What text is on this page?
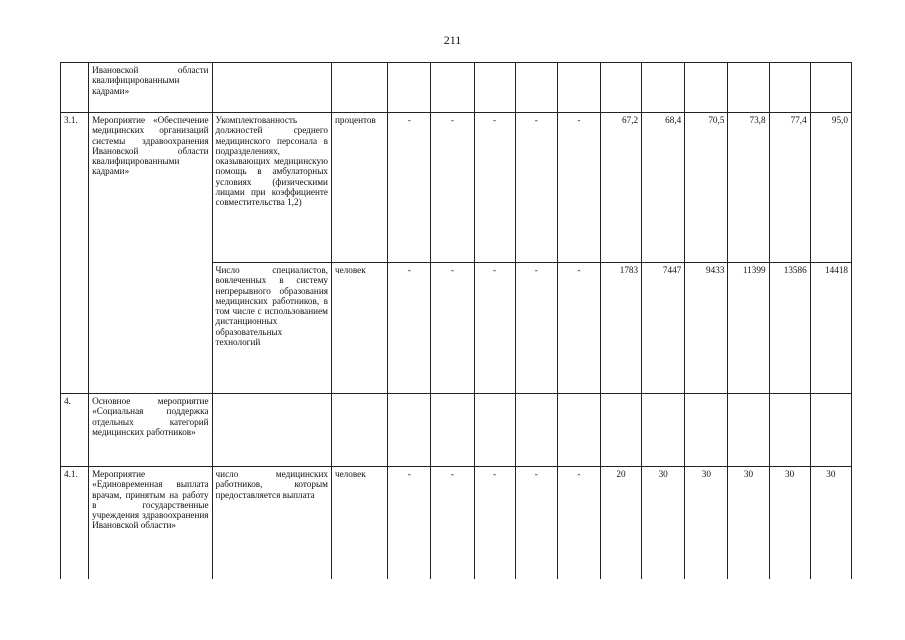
211
	Ивановской области квалифицированными кадрами»													
3.1.	Мероприятие «Обеспечение медицинских организаций системы здравоохранения Ивановской области квалифицированными кадрами»	Укомплектованность должностей среднего медицинского персонала в подразделениях, оказывающих медицинскую помощь в амбулаторных условиях (физическими лицами при коэффициенте совместительства 1,2)	процентов	-	-	-	-	-	67,2	68,4	70,5	73,8	77,4	95,0
		Число специалистов, вовлеченных в систему непрерывного образования медицинских работников, в том числе с использованием дистанционных образовательных технологий	человек	-	-	-	-	-	1783	7447	9433	11399	13586	14418
4.	Основное мероприятие «Социальная поддержка отдельных категорий медицинских работников»													
4.1.	Мероприятие «Единовременная выплата врачам, принятым на работу в государственные учреждения здравоохранения Ивановской области»	число медицинских работников, которым предоставляется выплата	человек	-	-	-	-	-	20	30	30	30	30	30
